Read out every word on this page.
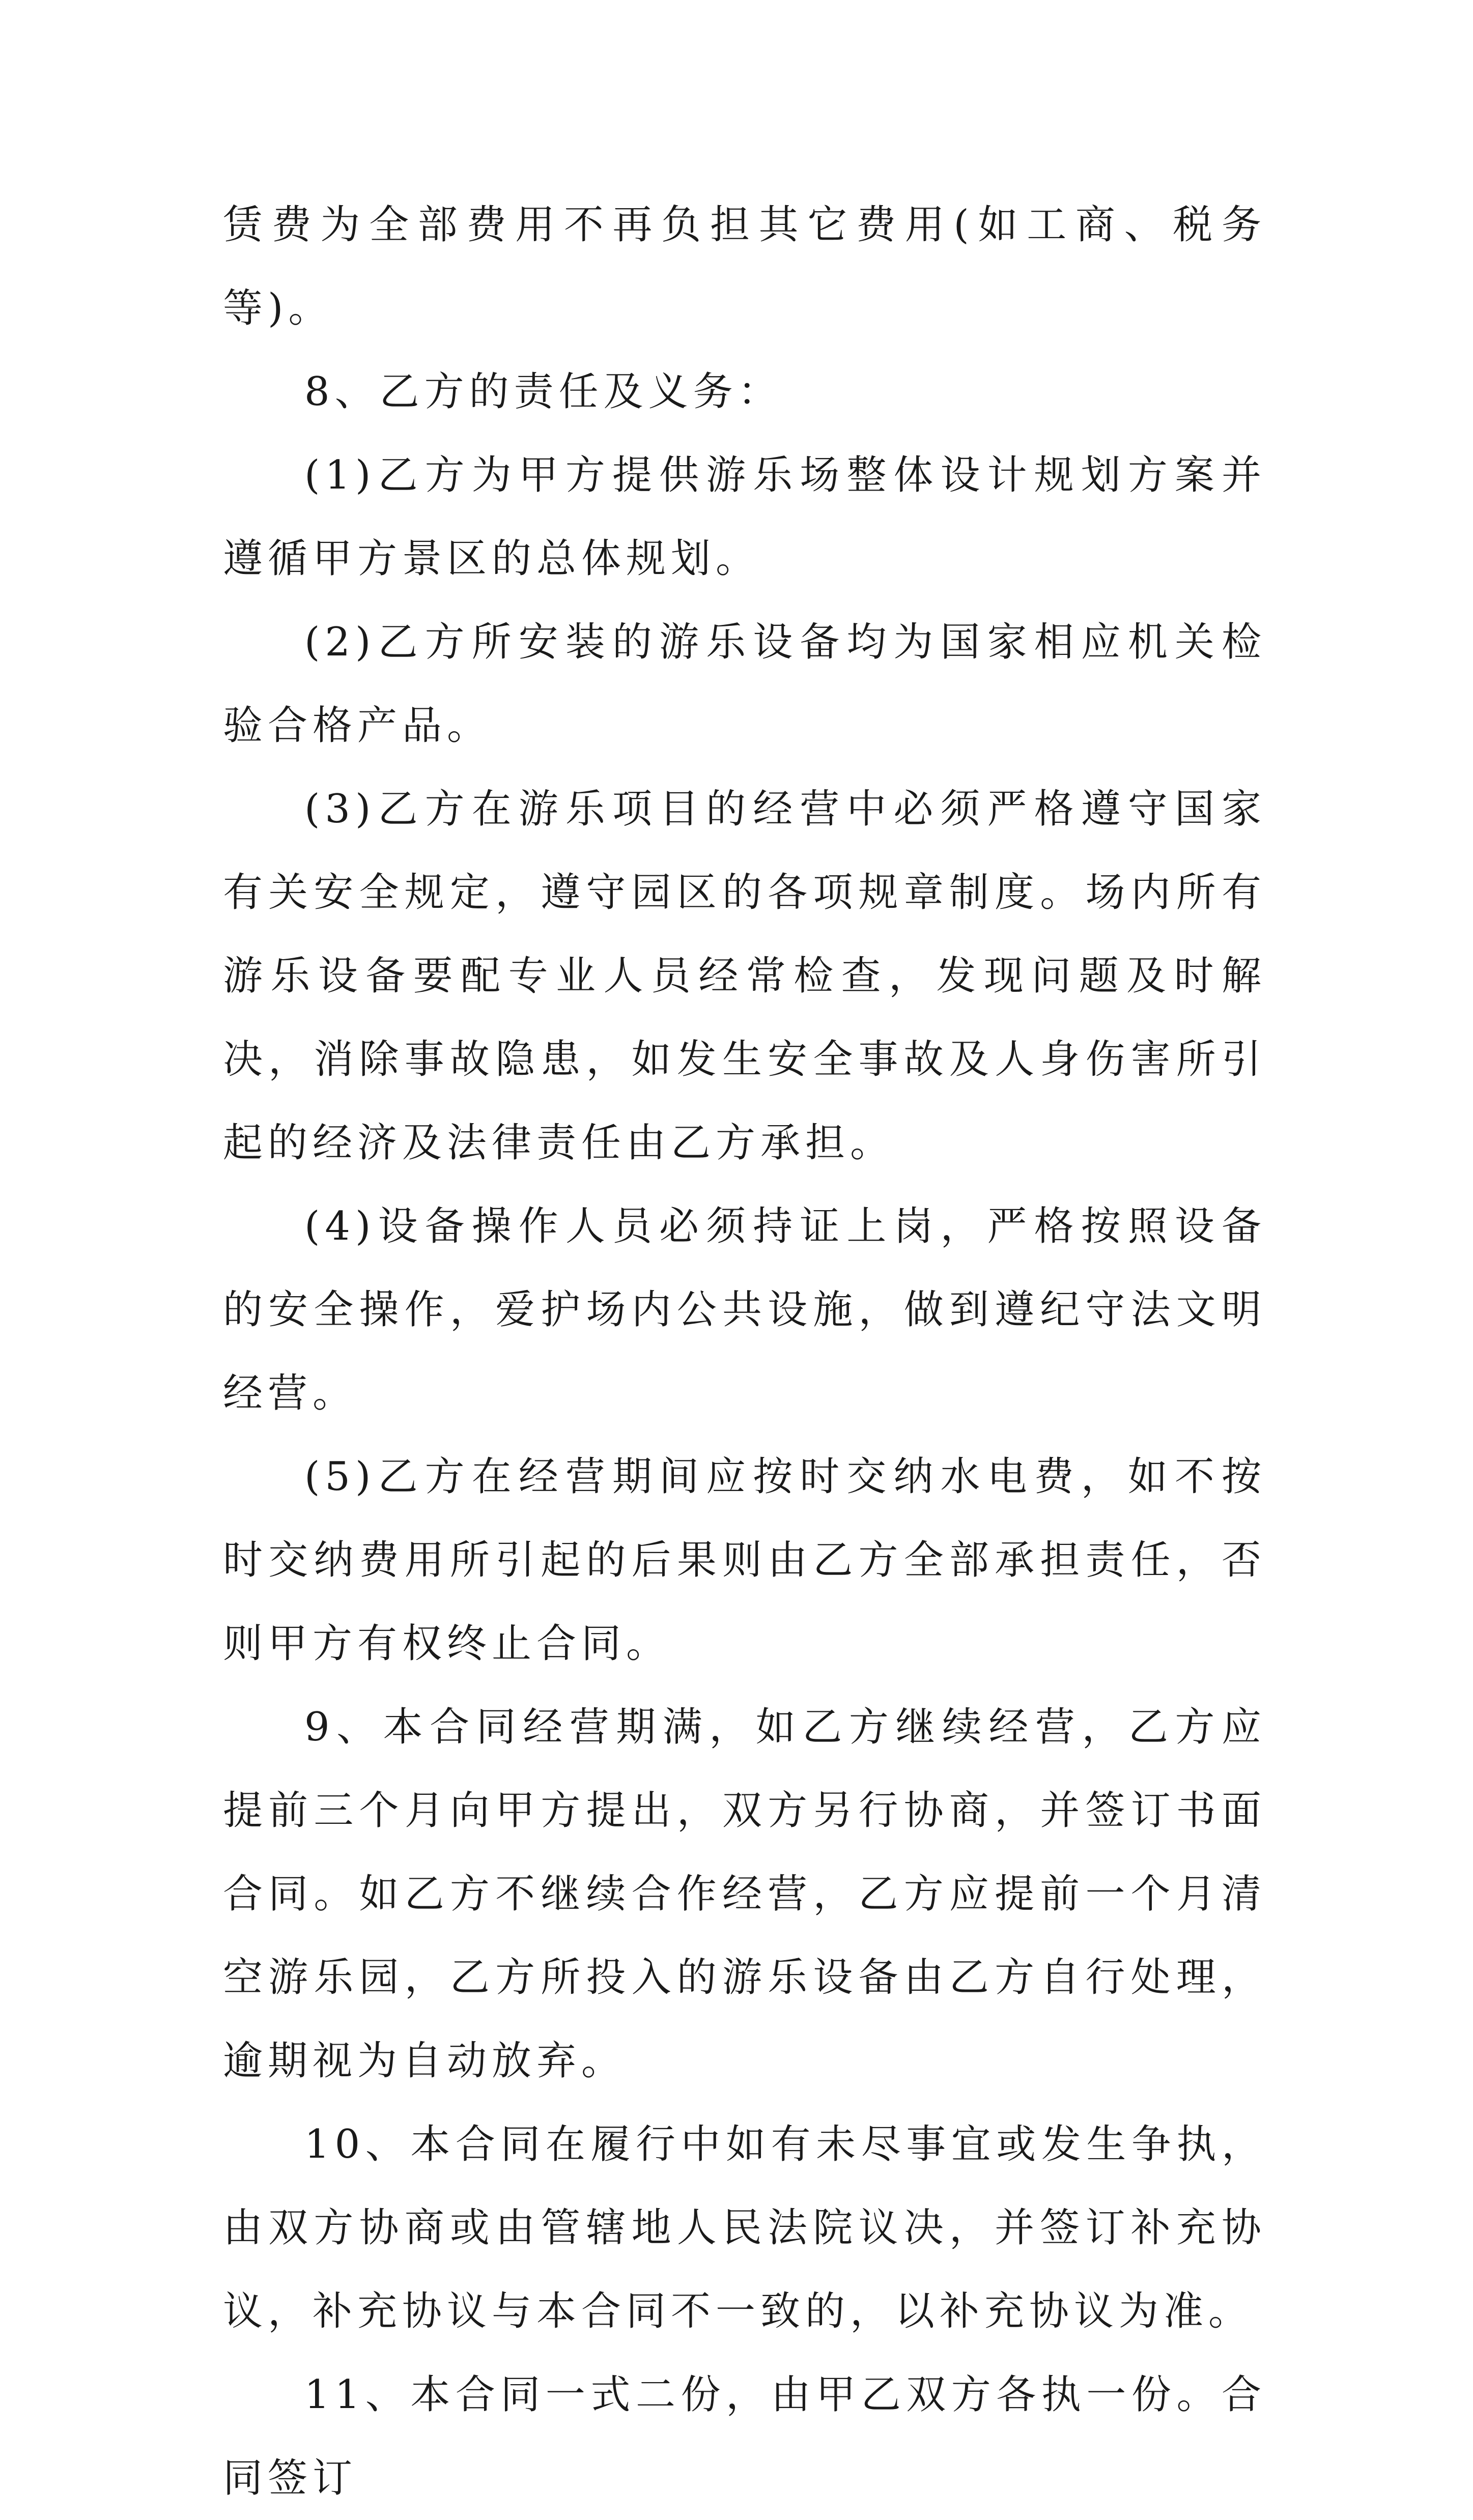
赁费为全部费用不再负担其它费用(如工商、税务等)。

8、乙方的责任及义务：

(1)乙方为甲方提供游乐场整体设计规划方案并遵循甲方景区的总体规划。

(2)乙方所安装的游乐设备均为国家相应机关检验合格产品。

(3)乙方在游乐项目的经营中必须严格遵守国家有关安全规定，遵守园区的各项规章制度。场内所有游乐设备要配专业人员经常检查，发现问题及时解决，消除事故隐患，如发生安全事故及人身伤害所引起的经济及法律责任由乙方承担。

(4)设备操作人员必须持证上岗，严格按照设备的安全操作，爱护场内公共设施，做到遵纪守法文明经营。

(5)乙方在经营期间应按时交纳水电费，如不按时交纳费用所引起的后果则由乙方全部承担责任，否则甲方有权终止合同。

9、本合同经营期满，如乙方继续经营，乙方应提前三个月向甲方提出，双方另行协商，并签订书面合同。如乙方不继续合作经营，乙方应提前一个月清空游乐园，乙方所投入的游乐设备由乙方自行处理，逾期视为自动放弃。

10、本合同在履行中如有未尽事宜或发生争执，由双方协商或由管辖地人民法院议决，并签订补充协议，补充协议与本合同不一致的，以补充协议为准。

11、本合同一式二份，由甲乙双方各执一份。合同签订
